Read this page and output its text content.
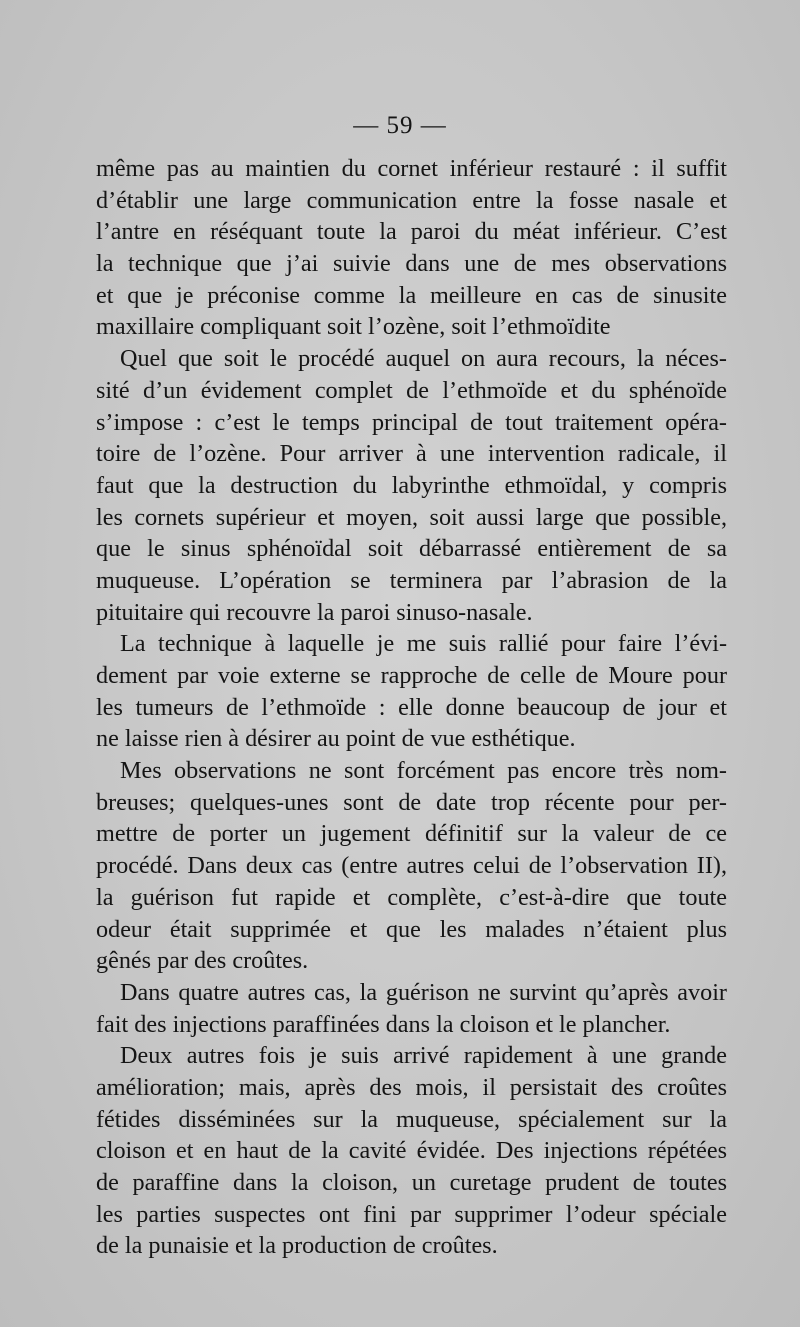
— 59 —
même pas au maintien du cornet inférieur restauré : il suffit
d’établir une large communication entre la fosse nasale et
l’antre en réséquant toute la paroi du méat inférieur. C’est
la technique que j’ai suivie dans une de mes observations
et que je préconise comme la meilleure en cas de sinusite
maxillaire compliquant soit l’ozène, soit l’ethmoïdite
Quel que soit le procédé auquel on aura recours, la néces-
sité d’un évidement complet de l’ethmoïde et du sphénoïde
s’impose : c’est le temps principal de tout traitement opéra-
toire de l’ozène. Pour arriver à une intervention radicale, il
faut que la destruction du labyrinthe ethmoïdal, y compris
les cornets supérieur et moyen, soit aussi large que possible,
que le sinus sphénoïdal soit débarrassé entièrement de sa
muqueuse. L’opération se terminera par l’abrasion de la
pituitaire qui recouvre la paroi sinuso-nasale.
La technique à laquelle je me suis rallié pour faire l’évi-
dement par voie externe se rapproche de celle de Moure pour
les tumeurs de l’ethmoïde : elle donne beaucoup de jour et
ne laisse rien à désirer au point de vue esthétique.
Mes observations ne sont forcément pas encore très nom-
breuses; quelques-unes sont de date trop récente pour per-
mettre de porter un jugement définitif sur la valeur de ce
procédé. Dans deux cas (entre autres celui de l’observation II),
la guérison fut rapide et complète, c’est-à-dire que toute
odeur était supprimée et que les malades n’étaient plus
gênés par des croûtes.
Dans quatre autres cas, la guérison ne survint qu’après avoir
fait des injections paraffinées dans la cloison et le plancher.
Deux autres fois je suis arrivé rapidement à une grande
amélioration; mais, après des mois, il persistait des croûtes
fétides disséminées sur la muqueuse, spécialement sur la
cloison et en haut de la cavité évidée. Des injections répétées
de paraffine dans la cloison, un curetage prudent de toutes
les parties suspectes ont fini par supprimer l’odeur spéciale
de la punaisie et la production de croûtes.
